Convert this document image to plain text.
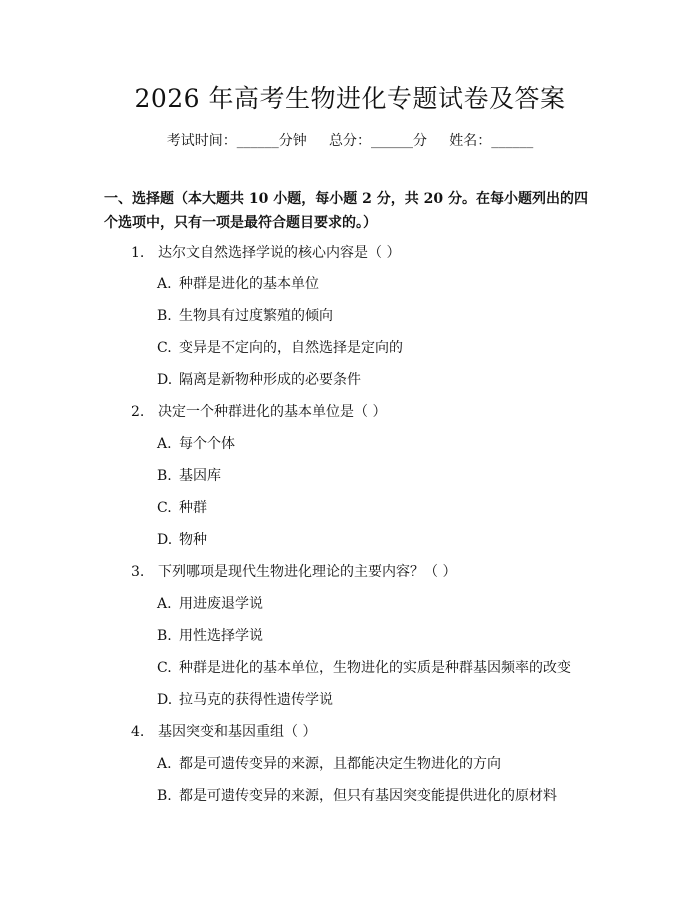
2026 年高考生物进化专题试卷及答案
考试时间：______分钟     总分：______分     姓名：______
一、选择题（本大题共 10 小题，每小题 2 分，共 20 分。在每小题列出的四个选项中，只有一项是最符合题目要求的。）
1. 达尔文自然选择学说的核心内容是（ ）
A. 种群是进化的基本单位
B. 生物具有过度繁殖的倾向
C. 变异是不定向的，自然选择是定向的
D. 隔离是新物种形成的必要条件
2. 决定一个种群进化的基本单位是（ ）
A. 每个个体
B. 基因库
C. 种群
D. 物种
3. 下列哪项是现代生物进化理论的主要内容？（ ）
A. 用进废退学说
B. 用性选择学说
C. 种群是进化的基本单位，生物进化的实质是种群基因频率的改变
D. 拉马克的获得性遗传学说
4. 基因突变和基因重组（ ）
A. 都是可遗传变异的来源，且都能决定生物进化的方向
B. 都是可遗传变异的来源，但只有基因突变能提供进化的原材料
